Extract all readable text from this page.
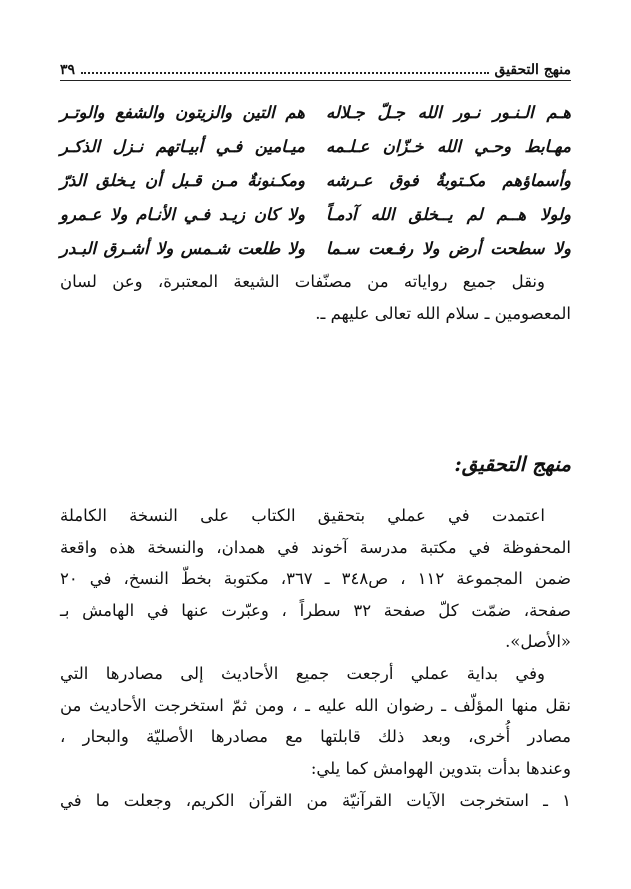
منهج التحقيق
٣٩
هـم الـنـور نـور الله جـلّ جـلاله
هم التين والزيتون والشفع والوتـر
مهـابط وحـي الله خـزّان عـلـمه
ميـامين فـي أبيـاتهم نـزل الذكـر
وأسماؤهم مكـتوبةٌ فوق عـرشه
ومكـنونةٌ مـن قـبل أن يـخلق الذرّ
ولولا هــم لم يــخلق الله آدمـاً
ولا كان زيـد فـي الأنـام ولا عـمرو
ولا سطحت أرض ولا رفـعت سـما
ولا طلعت شـمس ولا أشـرق البـدر
ونقل جميع رواياته من مصنّفات الشيعة المعتبرة، وعن لسان
المعصومين ـ سلام الله تعالى عليهم ـ.
منهج التحقيق:
اعتمدت في عملي بتحقيق الكتاب على النسخة الكاملة
المحفوظة في مكتبة مدرسة آخوند في همدان، والنسخة هذه واقعة
ضمن المجموعة ١١٢ ، ص٣٤٨ ـ ٣٦٧، مكتوبة بخطّ النسخ، في ٢٠
صفحة، ضمّت كلّ صفحة ٣٢ سطراً ، وعبّرت عنها في الهامش بـ
«الأصل».
وفي بداية عملي أرجعت جميع الأحاديث إلى مصادرها التي
نقل منها المؤلّف ـ رضوان الله عليه ـ ، ومن ثمّ استخرجت الأحاديث من
مصادر أُخرى، وبعد ذلك قابلتها مع مصادرها الأصليّة والبحار ،
وعندها بدأت بتدوين الهوامش كما يلي:
١ ـ استخرجت الآيات القرآنيّة من القرآن الكريم، وجعلت ما في
